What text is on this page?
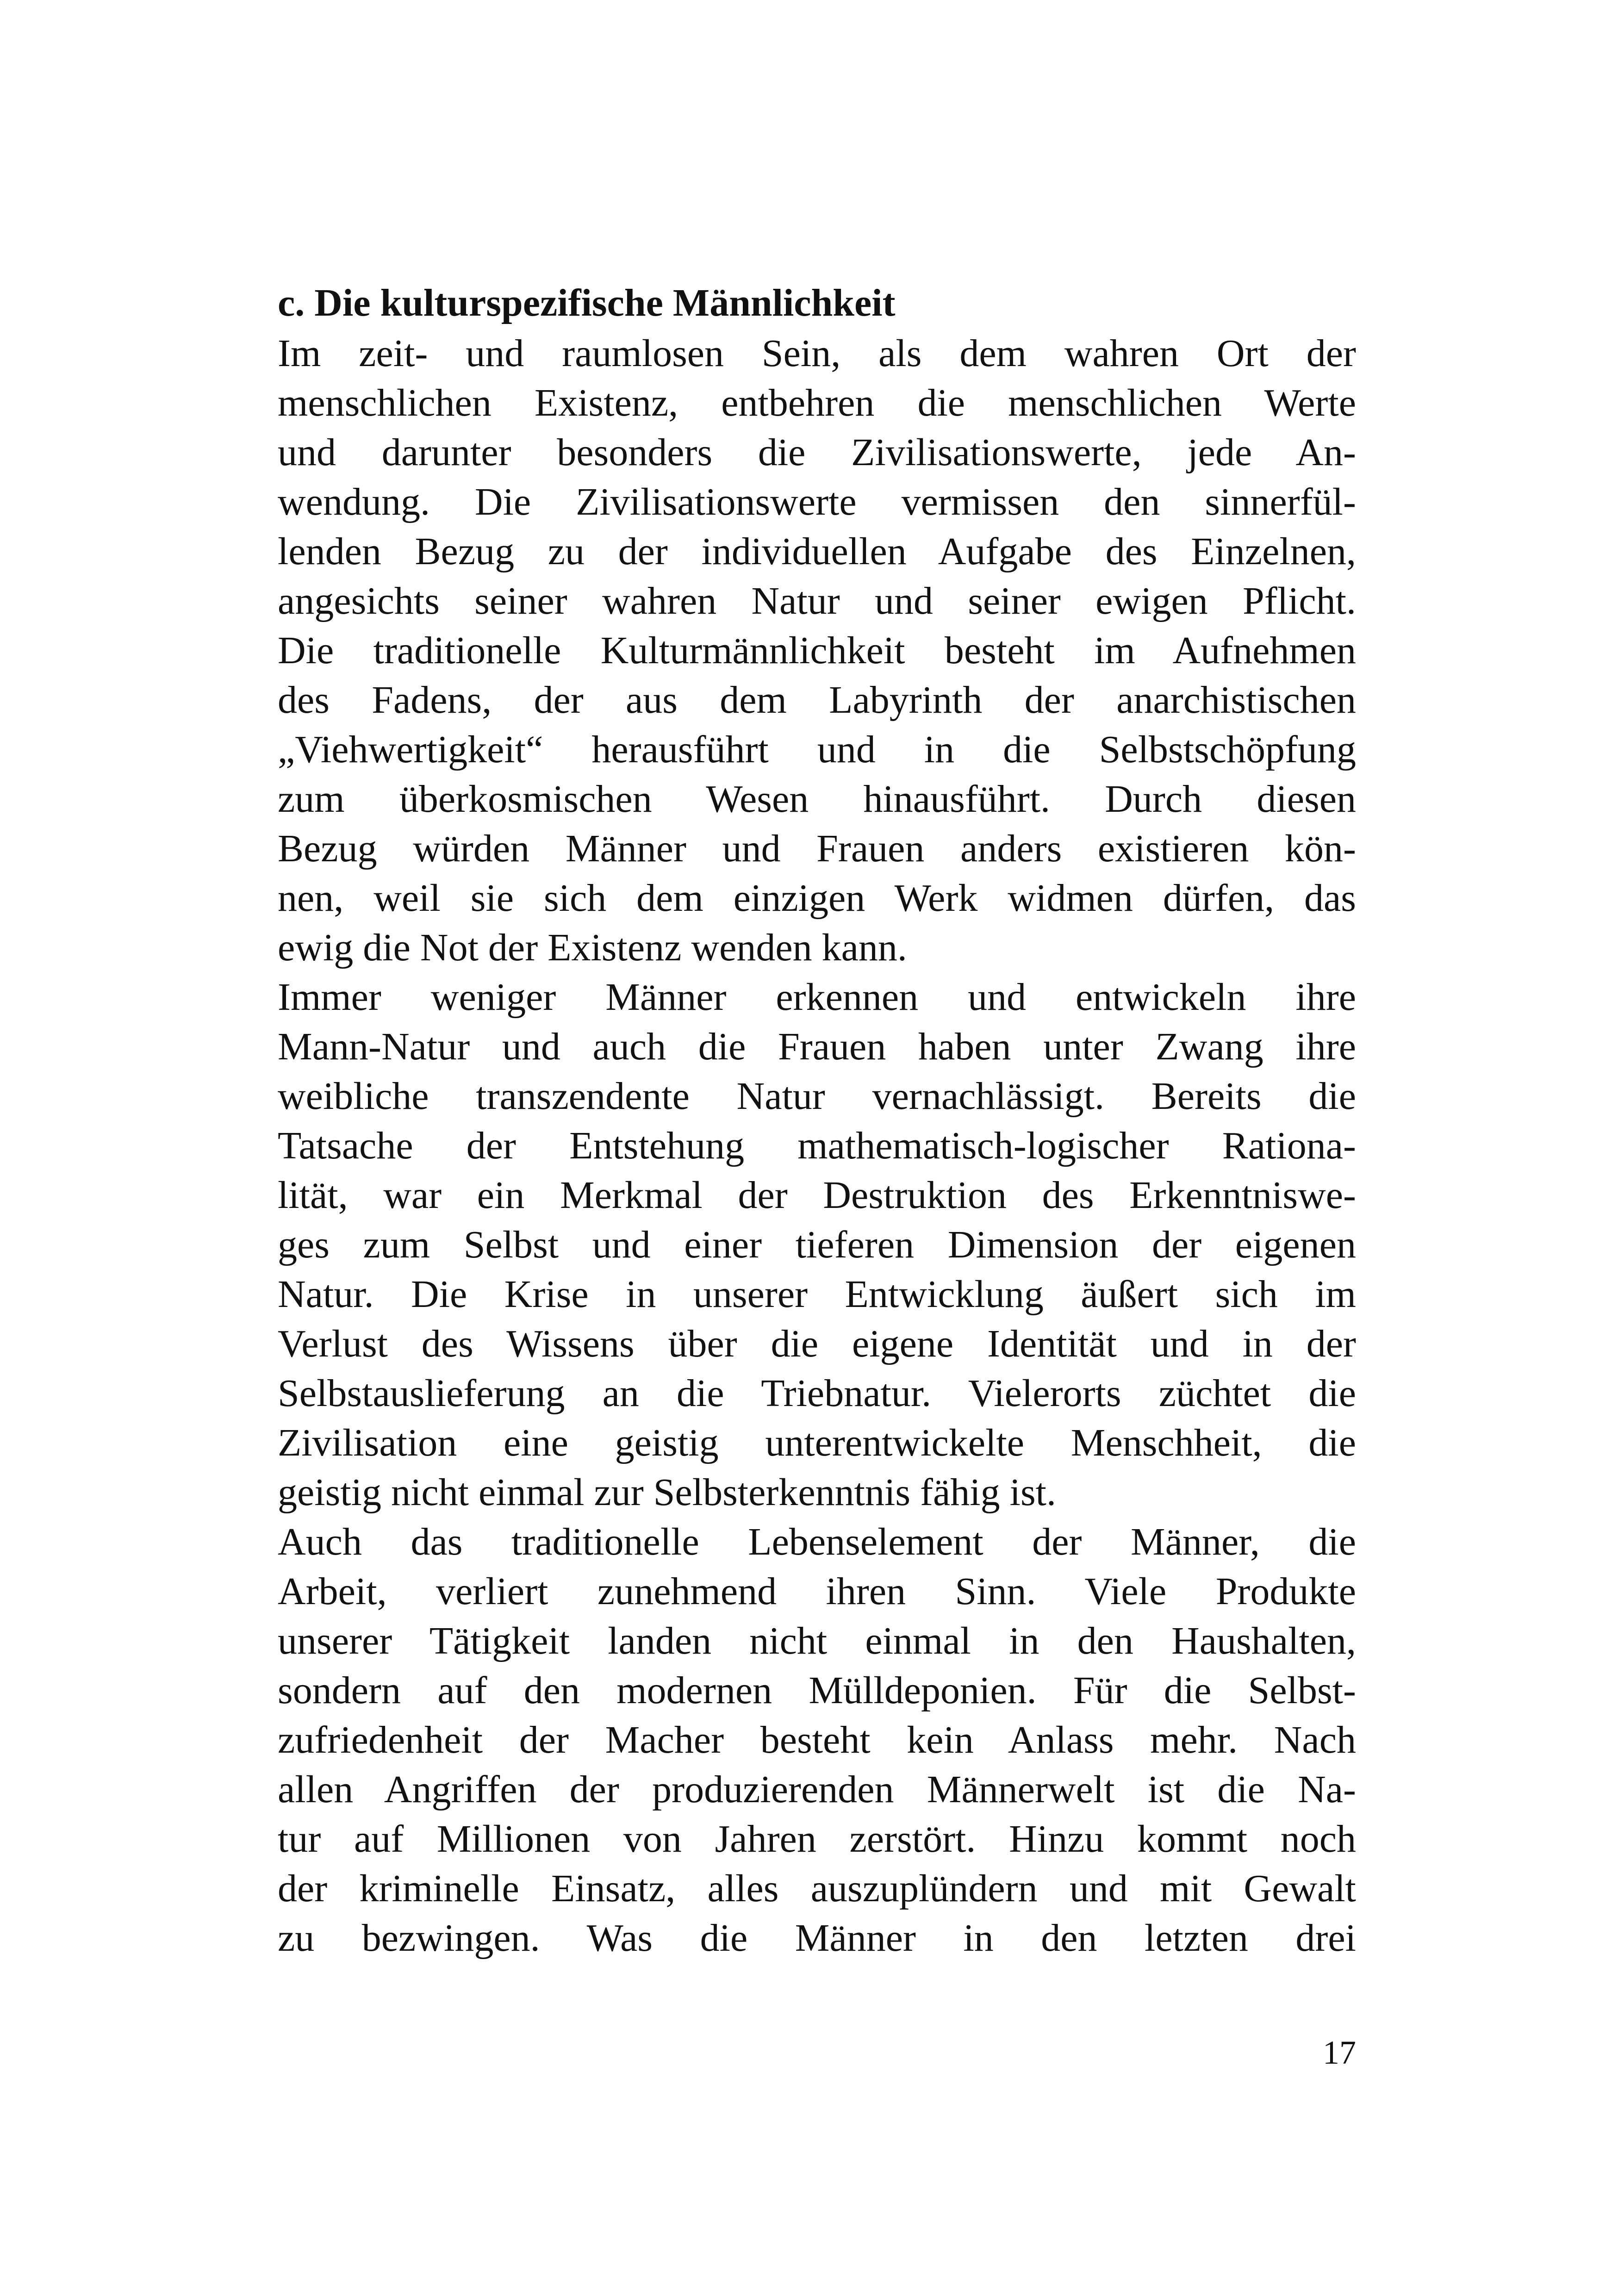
c. Die kulturspezifische Männlichkeit
Im zeit- und raumlosen Sein, als dem wahren Ort der
menschlichen Existenz, entbehren die menschlichen Werte
und darunter besonders die Zivilisationswerte, jede An-
wendung. Die Zivilisationswerte vermissen den sinnerfül-
lenden Bezug zu der individuellen Aufgabe des Einzelnen,
angesichts seiner wahren Natur und seiner ewigen Pflicht.
Die traditionelle Kulturmännlichkeit besteht im Aufnehmen
des Fadens, der aus dem Labyrinth der anarchistischen
„Viehwertigkeit“ herausführt und in die Selbstschöpfung
zum überkosmischen Wesen hinausführt. Durch diesen
Bezug würden Männer und Frauen anders existieren kön-
nen, weil sie sich dem einzigen Werk widmen dürfen, das
ewig die Not der Existenz wenden kann.
Immer weniger Männer erkennen und entwickeln ihre
Mann-Natur und auch die Frauen haben unter Zwang ihre
weibliche transzendente Natur vernachlässigt. Bereits die
Tatsache der Entstehung mathematisch-logischer Rationa-
lität, war ein Merkmal der Destruktion des Erkenntniswe-
ges zum Selbst und einer tieferen Dimension der eigenen
Natur. Die Krise in unserer Entwicklung äußert sich im
Verlust des Wissens über die eigene Identität und in der
Selbstauslieferung an die Triebnatur. Vielerorts züchtet die
Zivilisation eine geistig unterentwickelte Menschheit, die
geistig nicht einmal zur Selbsterkenntnis fähig ist.
Auch das traditionelle Lebenselement der Männer, die
Arbeit, verliert zunehmend ihren Sinn. Viele Produkte
unserer Tätigkeit landen nicht einmal in den Haushalten,
sondern auf den modernen Mülldeponien. Für die Selbst-
zufriedenheit der Macher besteht kein Anlass mehr. Nach
allen Angriffen der produzierenden Männerwelt ist die Na-
tur auf Millionen von Jahren zerstört. Hinzu kommt noch
der kriminelle Einsatz, alles auszuplündern und mit Gewalt
zu bezwingen. Was die Männer in den letzten drei
17
